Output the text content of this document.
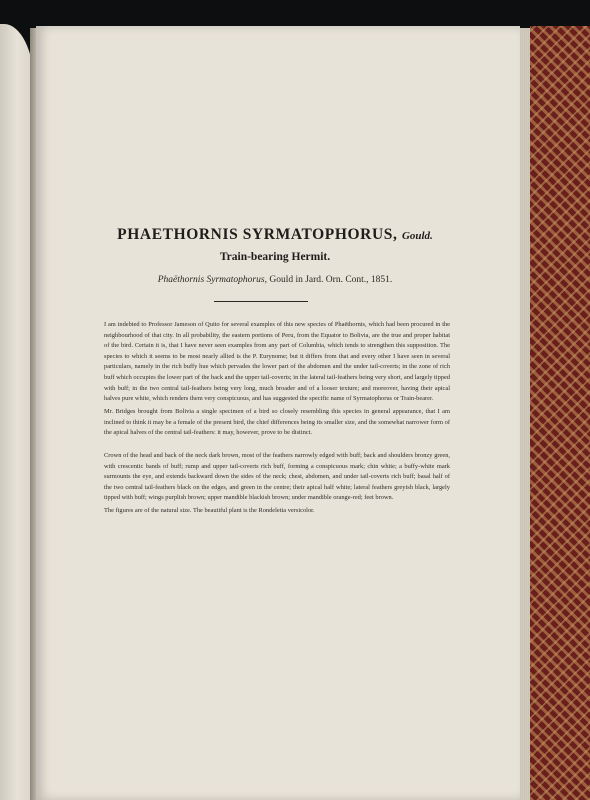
PHAETHORNIS SYRMATOPHORUS, Gould.
Train-bearing Hermit.
Phaëthornis Syrmatophorus, Gould in Jard. Orn. Cont., 1851.
I am indebted to Professor Jameson of Quito for several examples of this new species of Phaëthornis, which had been procured in the neighbourhood of that city. In all probability, the eastern portions of Peru, from the Equator to Bolivia, are the true and proper habitat of the bird. Certain it is, that I have never seen examples from any part of Columbia, which tends to strengthen this supposition. The species to which it seems to be most nearly allied is the P. Eurynome; but it differs from that and every other I have seen in several particulars, namely in the rich buffy hue which pervades the lower part of the abdomen and the under tail-coverts; in the zone of rich buff which occupies the lower part of the back and the upper tail-coverts; in the lateral tail-feathers being very short, and largely tipped with buff; in the two central tail-feathers being very long, much broader and of a looser texture; and moreover, having their apical halves pure white, which renders them very conspicuous, and has suggested the specific name of Syrmatophorus or Train-bearer.
Mr. Bridges brought from Bolivia a single specimen of a bird so closely resembling this species in general appearance, that I am inclined to think it may be a female of the present bird, the chief differences being its smaller size, and the somewhat narrower form of the apical halves of the central tail-feathers: it may, however, prove to be distinct.
Crown of the head and back of the neck dark brown, most of the feathers narrowly edged with buff; back and shoulders bronzy green, with crescentic bands of buff; rump and upper tail-coverts rich buff, forming a conspicuous mark; chin white; a buffy-white mark surmounts the eye, and extends backward down the sides of the neck; chest, abdomen, and under tail-coverts rich buff; basal half of the two central tail-feathers black on the edges, and green in the centre; their apical half white; lateral feathers greyish black, largely tipped with buff; wings purplish brown; upper mandible blackish brown; under mandible orange-red; feet brown.
The figures are of the natural size. The beautiful plant is the Rondeletia versicolor.
